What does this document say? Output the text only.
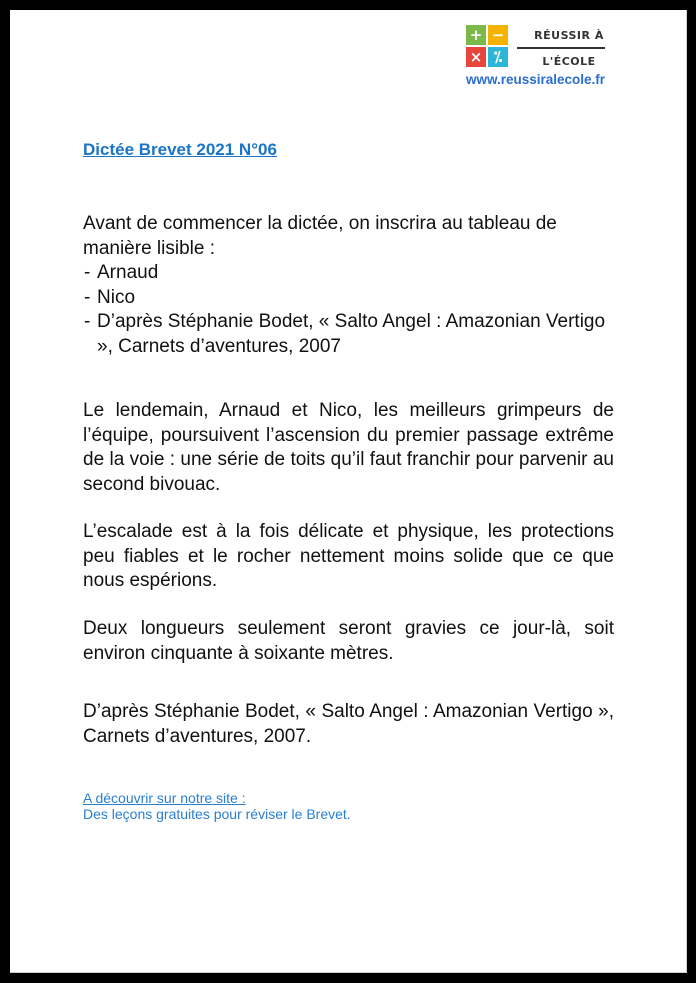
+ −
× ⁒
RÉUSSIR À
L'ÉCOLE
www.reussiralecole.fr
Dictée Brevet 2021 N°06
Avant de commencer la dictée, on inscrira au tableau de manière lisible :
- Arnaud
- Nico
- D’après Stéphanie Bodet, « Salto Angel : Amazonian Vertigo », Carnets d’aventures, 2007
Le lendemain, Arnaud et Nico, les meilleurs grimpeurs de l’équipe, poursuivent l’ascension du premier passage extrême de la voie : une série de toits qu’il faut franchir pour parvenir au second bivouac.
L’escalade est à la fois délicate et physique, les protections peu fiables et le rocher nettement moins solide que ce que nous espérions.
Deux longueurs seulement seront gravies ce jour-là, soit environ cinquante à soixante mètres.
D’après Stéphanie Bodet, « Salto Angel : Amazonian Vertigo », Carnets d’aventures, 2007.
A découvrir sur notre site :
Des leçons gratuites pour réviser le Brevet.
